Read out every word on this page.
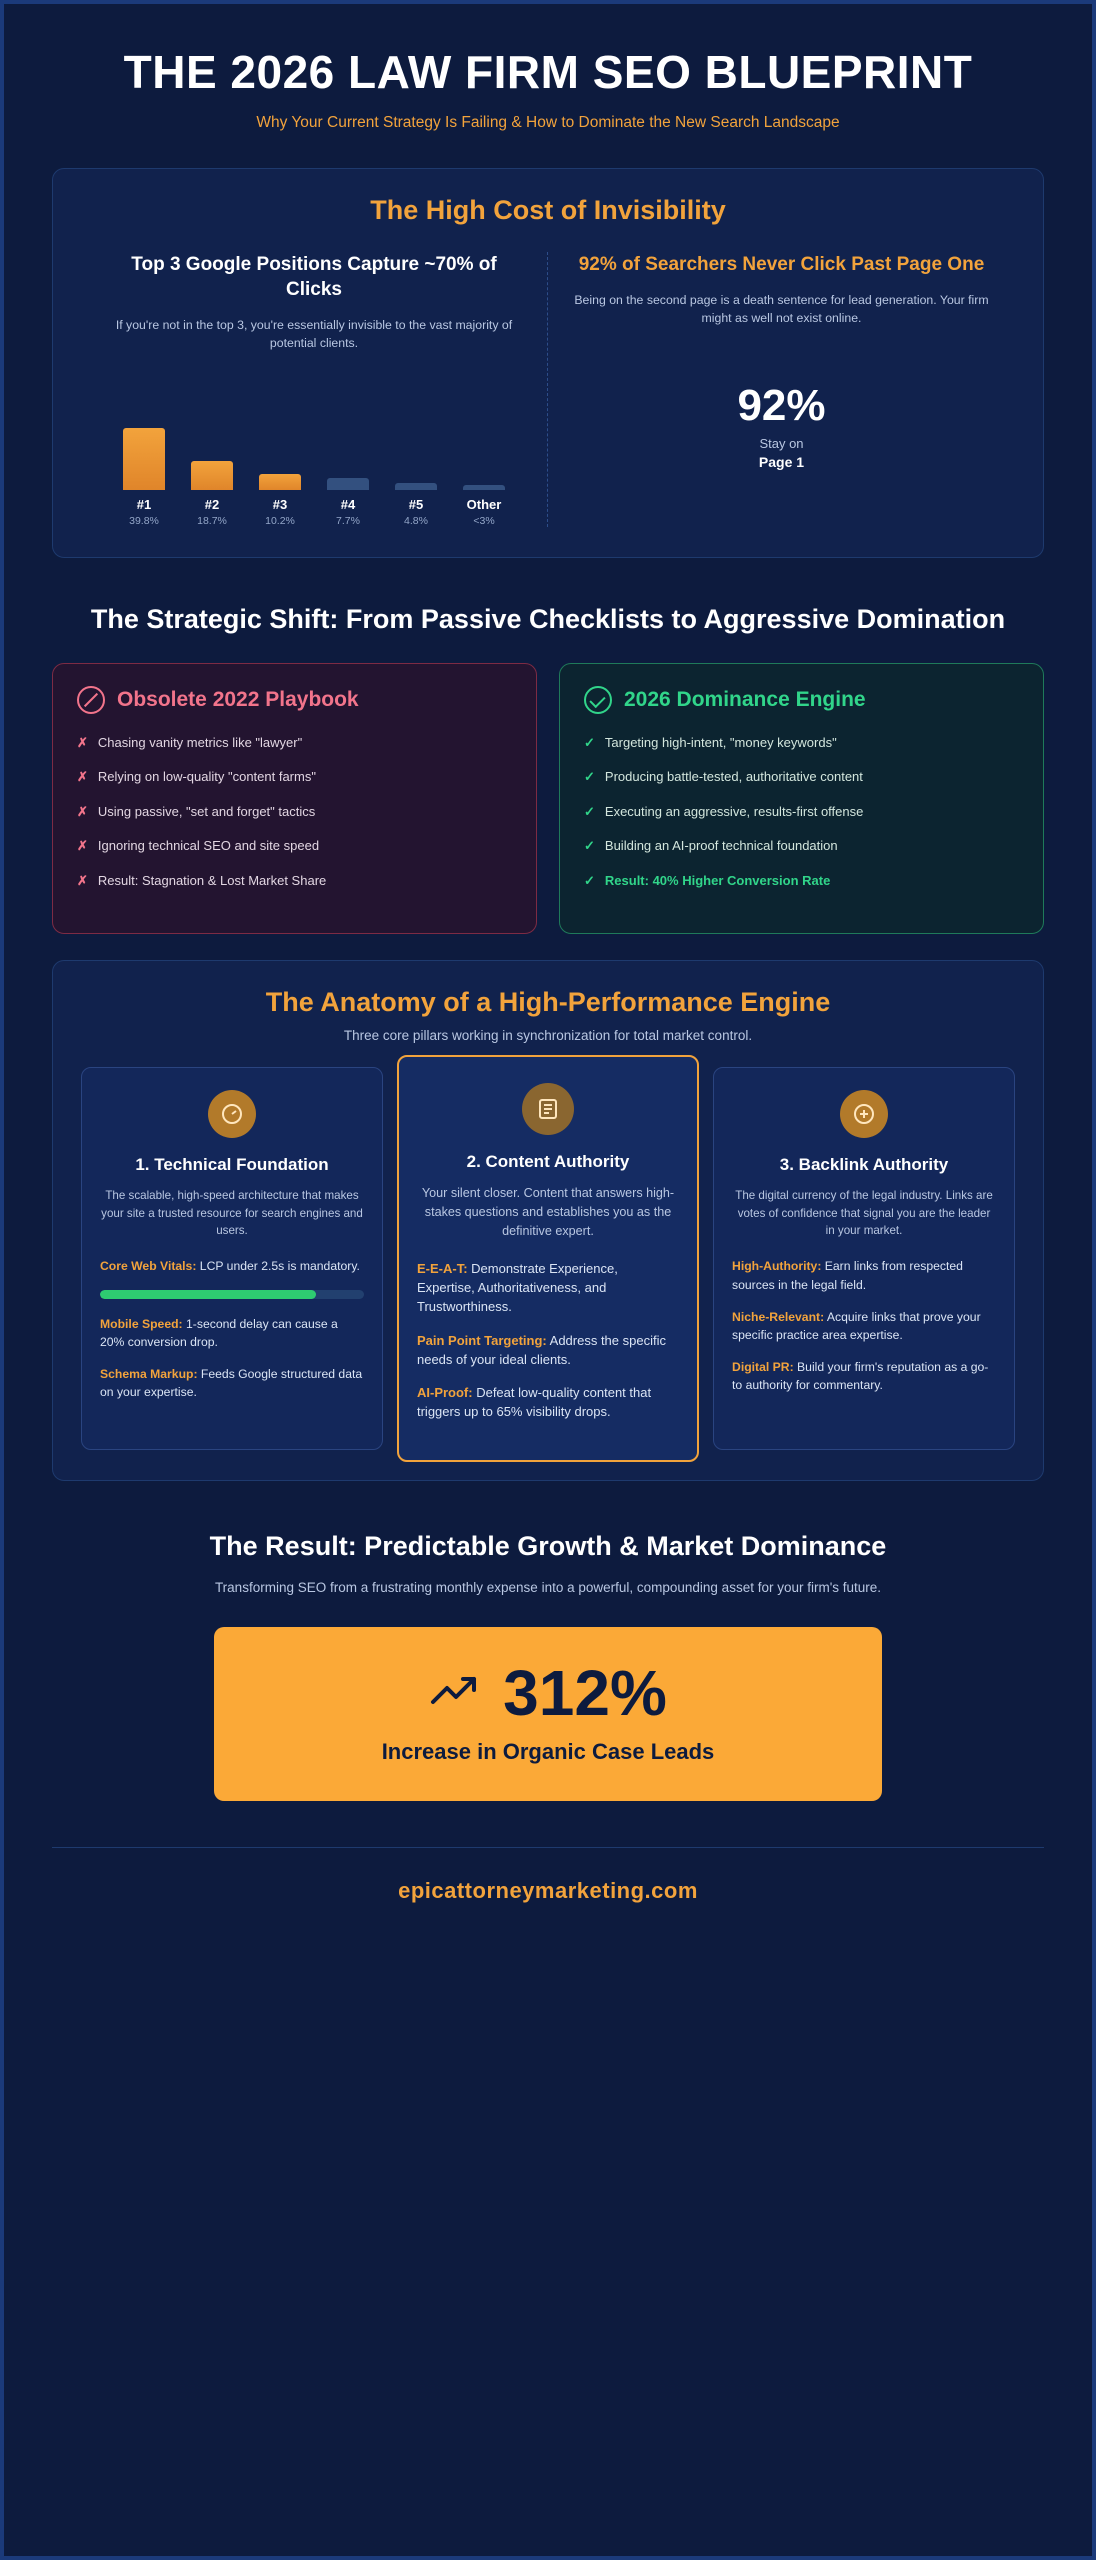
THE 2026 LAW FIRM SEO BLUEPRINT
Why Your Current Strategy Is Failing & How to Dominate the New Search Landscape
The High Cost of Invisibility
Top 3 Google Positions Capture ~70% of Clicks

If you're not in the top 3, you're essentially invisible to the vast majority of potential clients.

#1
39.8%
#2
18.7%
#3
10.2%
#4
7.7%
#5
4.8%
Other
<3%
92% of Searchers Never Click Past Page One

Being on the second page is a death sentence for lead generation. Your firm might as well not exist online.

92%
Stay on
Page 1
The Strategic Shift: From Passive Checklists to Aggressive Domination
Obsolete 2022 Playbook
✗ Chasing vanity metrics like "lawyer"
✗ Relying on low-quality "content farms"
✗ Using passive, "set and forget" tactics
✗ Ignoring technical SEO and site speed
✗ Result: Stagnation & Lost Market Share
2026 Dominance Engine
✓ Targeting high-intent, "money keywords"
✓ Producing battle-tested, authoritative content
✓ Executing an aggressive, results-first offense
✓ Building an AI-proof technical foundation
✓ Result: 40% Higher Conversion Rate
The Anatomy of a High-Performance Engine
Three core pillars working in synchronization for total market control.
1. Technical Foundation
The scalable, high-speed architecture that makes your site a trusted resource for search engines and users.
Core Web Vitals: LCP under 2.5s is mandatory.
Mobile Speed: 1-second delay can cause a 20% conversion drop.
Schema Markup: Feeds Google structured data on your expertise.
2. Content Authority
Your silent closer. Content that answers high-stakes questions and establishes you as the definitive expert.
E-E-A-T: Demonstrate Experience, Expertise, Authoritativeness, and Trustworthiness.
Pain Point Targeting: Address the specific needs of your ideal clients.
AI-Proof: Defeat low-quality content that triggers up to 65% visibility drops.
3. Backlink Authority
The digital currency of the legal industry. Links are votes of confidence that signal you are the leader in your market.
High-Authority: Earn links from respected sources in the legal field.
Niche-Relevant: Acquire links that prove your specific practice area expertise.
Digital PR: Build your firm's reputation as a go-to authority for commentary.
The Result: Predictable Growth & Market Dominance
Transforming SEO from a frustrating monthly expense into a powerful, compounding asset for your firm's future.
312%
Increase in Organic Case Leads
epicattorneymarketing.com
